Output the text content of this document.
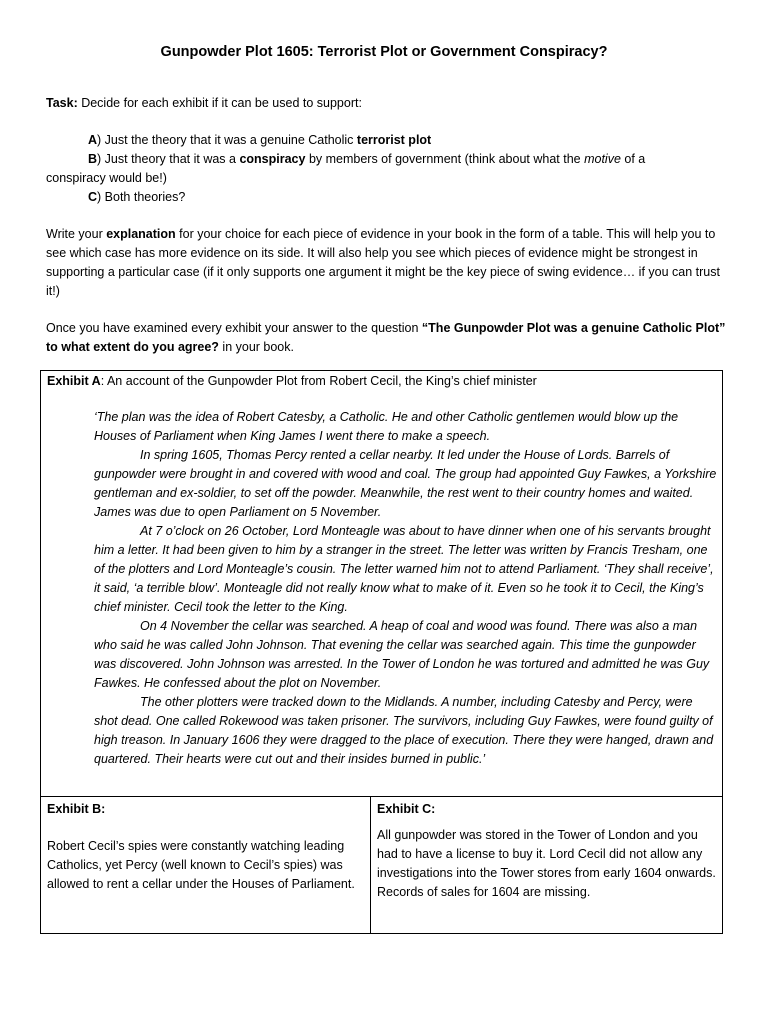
Gunpowder Plot 1605: Terrorist Plot or Government Conspiracy?
Task: Decide for each exhibit if it can be used to support:

A) Just the theory that it was a genuine Catholic terrorist plot

B) Just theory that it was a conspiracy by members of government (think about what the motive of a conspiracy would be!)

C) Both theories?

Write your explanation for your choice for each piece of evidence in your book in the form of a table. This will help you to see which case has more evidence on its side. It will also help you see which pieces of evidence might be strongest in supporting a particular case (if it only supports one argument it might be the key piece of swing evidence… if you can trust it!)

Once you have examined every exhibit your answer to the question “The Gunpowder Plot was a genuine Catholic Plot” to what extent do you agree? in your book.

Exhibit A: An account of the Gunpowder Plot from Robert Cecil, the King’s chief minister

‘The plan was the idea of Robert Catesby, a Catholic. He and other Catholic gentlemen would blow up the Houses of Parliament when King James I went there to make a speech.

In spring 1605, Thomas Percy rented a cellar nearby. It led under the House of Lords. Barrels of gunpowder were brought in and covered with wood and coal. The group had appointed Guy Fawkes, a Yorkshire gentleman and ex-soldier, to set off the powder. Meanwhile, the rest went to their country homes and waited. James was due to open Parliament on 5 November.

At 7 o’clock on 26 October, Lord Monteagle was about to have dinner when one of his servants brought him a letter. It had been given to him by a stranger in the street. The letter was written by Francis Tresham, one of the plotters and Lord Monteagle’s cousin. The letter warned him not to attend Parliament. ‘They shall receive’, it said, ‘a terrible blow’. Monteagle did not really know what to make of it. Even so he took it to Cecil, the King’s chief minister. Cecil took the letter to the King.

On 4 November the cellar was searched. A heap of coal and wood was found. There was also a man who said he was called John Johnson. That evening the cellar was searched again. This time the gunpowder was discovered. John Johnson was arrested. In the Tower of London he was tortured and admitted he was Guy Fawkes. He confessed about the plot on November.

The other plotters were tracked down to the Midlands. A number, including Catesby and Percy, were shot dead. One called Rokewood was taken prisoner. The survivors, including Guy Fawkes, were found guilty of high treason. In January 1606 they were dragged to the place of execution. There they were hanged, drawn and quartered. Their hearts were cut out and their insides burned in public.’

Exhibit B:

Robert Cecil’s spies were constantly watching leading Catholics, yet Percy (well known to Cecil’s spies) was allowed to rent a cellar under the Houses of Parliament.

Exhibit C:

All gunpowder was stored in the Tower of London and you had to have a license to buy it. Lord Cecil did not allow any investigations into the Tower stores from early 1604 onwards. Records of sales for 1604 are missing.
